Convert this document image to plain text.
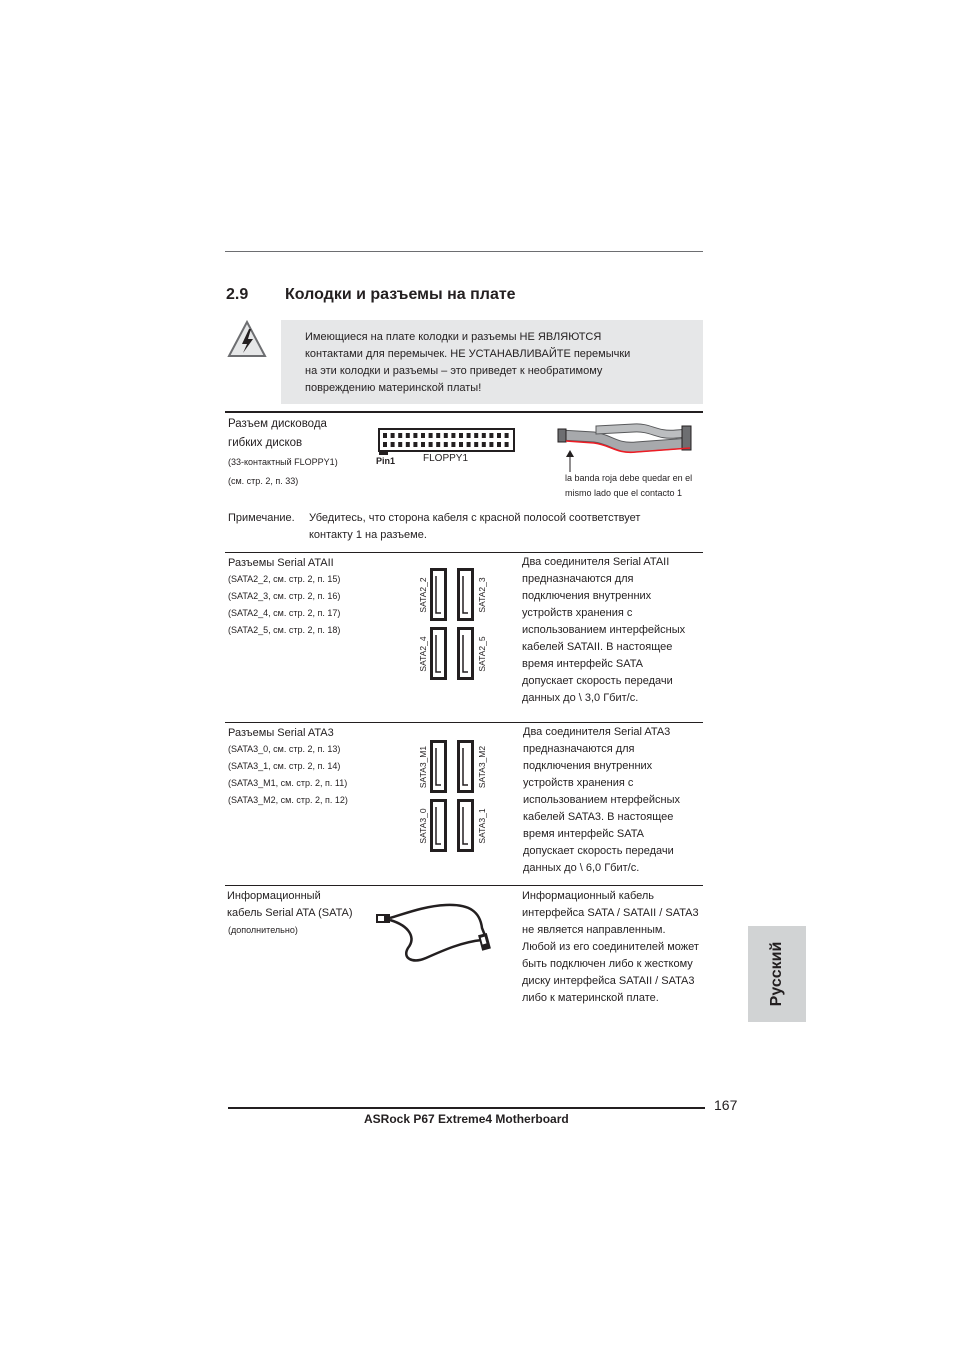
2.9 Колодки и разъемы на плате
Имеющиеся на плате колодки и разъемы НЕ ЯВЛЯЮТСЯ
контактами для перемычек. НЕ УСТАНАВЛИВАЙТЕ перемычки
на эти колодки и разъемы – это приведет к необратимому
повреждению материнской платы!
Разъем дисковода
гибких дисков
(33-контактный FLOPPY1)
(см. стр. 2, п. 33)
Pin1	FLOPPY1
la banda roja debe quedar en el
mismo lado que el contacto 1
Примечание. Убедитесь, что сторона кабеля с красной полосой соответствует
контакту 1 на разъеме.
Разъемы Serial ATAII
(SATA2_2, см. стр. 2, п. 15)
(SATA2_3, см. стр. 2, п. 16)
(SATA2_4, см. стр. 2, п. 17)
(SATA2_5, см. стр. 2, п. 18)
SATA2_2	SATA2_3
SATA2_4	SATA2_5
Два соединителя Serial ATAII
предназначаются для
подключения внутренних
устройств хранения с
использованием интерфейсных
кабелей SATAII. В настоящее
время интерфейс SATA
допускает скорость передачи
данных до \ 3,0 Гбит/с.
Разъемы Serial ATA3
(SATA3_0, см. стр. 2, п. 13)
(SATA3_1, см. стр. 2, п. 14)
(SATA3_M1, см. стр. 2, п. 11)
(SATA3_M2, см. стр. 2, п. 12)
SATA3_M1	SATA3_M2
SATA3_0	SATA3_1
Два соединителя Serial ATA3
предназначаются для
подключения внутренних
устройств хранения с
использованием нтерфейсных
кабелей SATA3. В настоящее
время интерфейс SATA
допускает скорость передачи
данных до \ 6,0 Гбит/с.
Информационный
кабель Serial ATA (SATA)
(дополнительно)
Информационный кабель
интерфейса SATA / SATAII / SATA3
не является направленным.
Любой из его соединителей может
быть подключен либо к жесткому
диску интерфейса SATAII / SATA3
либо к материнской плате.	Русский
167
ASRock P67 Extreme4 Motherboard
